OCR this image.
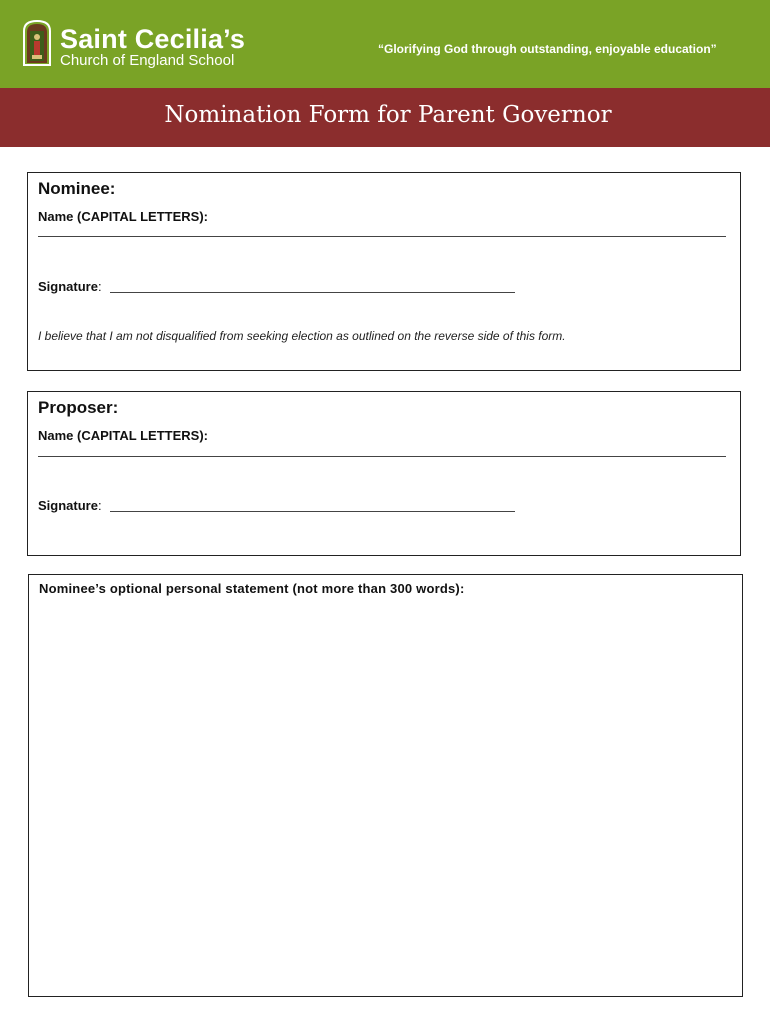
Saint Cecilia’s
Church of England School
“Glorifying God through outstanding, enjoyable education”
Nomination Form for Parent Governor
Nominee:
Name (CAPITAL LETTERS):
Signature:
I believe that I am not disqualified from seeking election as outlined on the reverse side of this form.
Proposer:
Name (CAPITAL LETTERS):
Signature:
Nominee’s optional personal statement (not more than 300 words):
